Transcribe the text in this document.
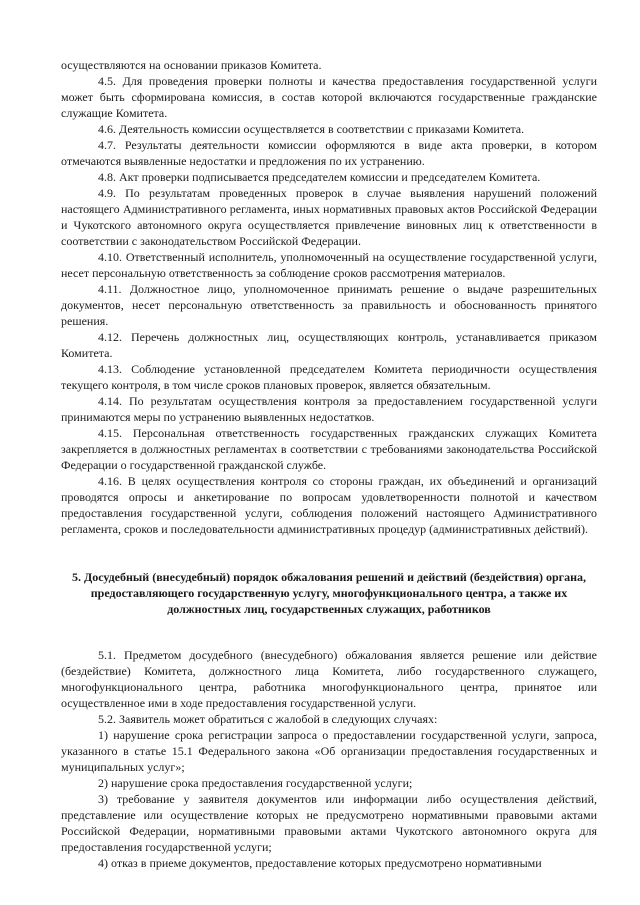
осуществляются на основании приказов Комитета.

4.5. Для проведения проверки полноты и качества предоставления государственной услуги может быть сформирована комиссия, в состав которой включаются государственные гражданские служащие Комитета.

4.6. Деятельность комиссии осуществляется в соответствии с приказами Комитета.

4.7. Результаты деятельности комиссии оформляются в виде акта проверки, в котором отмечаются выявленные недостатки и предложения по их устранению.

4.8. Акт проверки подписывается председателем комиссии и председателем Комитета.

4.9. По результатам проведенных проверок в случае выявления нарушений положений настоящего Административного регламента, иных нормативных правовых актов Российской Федерации и Чукотского автономного округа осуществляется привлечение виновных лиц к ответственности в соответствии с законодательством Российской Федерации.

4.10. Ответственный исполнитель, уполномоченный на осуществление государственной услуги, несет персональную ответственность за соблюдение сроков рассмотрения материалов.

4.11. Должностное лицо, уполномоченное принимать решение о выдаче разрешительных документов, несет персональную ответственность за правильность и обоснованность принятого решения.

4.12. Перечень должностных лиц, осуществляющих контроль, устанавливается приказом Комитета.

4.13. Соблюдение установленной председателем Комитета периодичности осуществления текущего контроля, в том числе сроков плановых проверок, является обязательным.

4.14. По результатам осуществления контроля за предоставлением государственной услуги принимаются меры по устранению выявленных недостатков.

4.15. Персональная ответственность государственных гражданских служащих Комитета закрепляется в должностных регламентах в соответствии с требованиями законодательства Российской Федерации о государственной гражданской службе.

4.16. В целях осуществления контроля со стороны граждан, их объединений и организаций проводятся опросы и анкетирование по вопросам удовлетворенности полнотой и качеством предоставления государственной услуги, соблюдения положений настоящего Административного регламента, сроков и последовательности административных процедур (административных действий).

5. Досудебный (внесудебный) порядок обжалования решений и действий (бездействия) органа, предоставляющего государственную услугу, многофункционального центра, а также их должностных лиц, государственных служащих, работников

5.1. Предметом досудебного (внесудебного) обжалования является решение или действие (бездействие) Комитета, должностного лица Комитета, либо государственного служащего, многофункционального центра, работника многофункционального центра, принятое или осуществленное ими в ходе предоставления государственной услуги.

5.2. Заявитель может обратиться с жалобой в следующих случаях:

1) нарушение срока регистрации запроса о предоставлении государственной услуги, запроса, указанного в статье 15.1 Федерального закона «Об организации предоставления государственных и муниципальных услуг»;

2) нарушение срока предоставления государственной услуги;

3) требование у заявителя документов или информации либо осуществления действий, представление или осуществление которых не предусмотрено нормативными правовыми актами Российской Федерации, нормативными правовыми актами Чукотского автономного округа для предоставления государственной услуги;

4) отказ в приеме документов, предоставление которых предусмотрено нормативными
